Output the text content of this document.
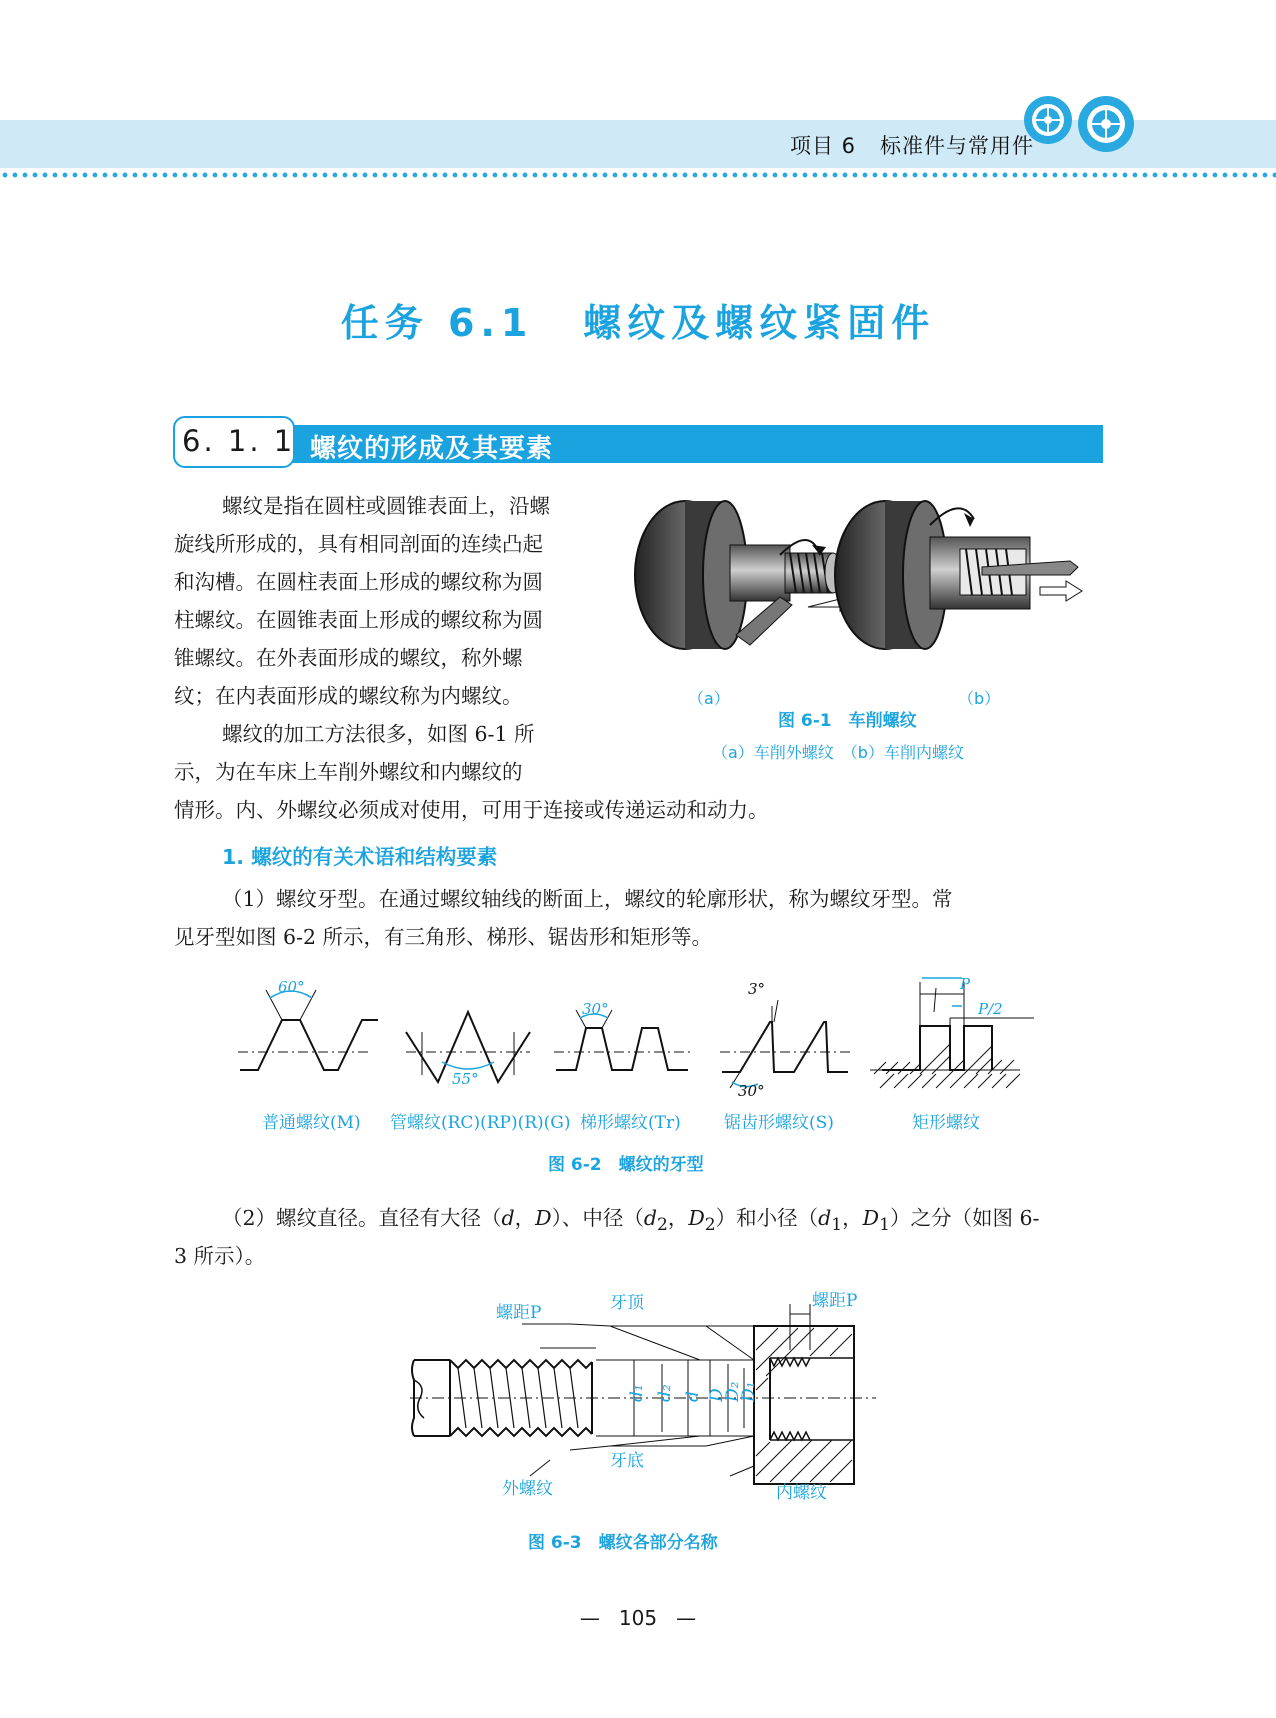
项目 6 标准件与常用件
任务 6.1 螺纹及螺纹紧固件
6. 1. 1 螺纹的形成及其要素
螺纹是指在圆柱或圆锥表面上，沿螺
旋线所形成的，具有相同剖面的连续凸起
和沟槽。在圆柱表面上形成的螺纹称为圆
柱螺纹。在圆锥表面上形成的螺纹称为圆
锥螺纹。在外表面形成的螺纹，称外螺
纹；在内表面形成的螺纹称为内螺纹。
螺纹的加工方法很多，如图 6-1 所
示，为在车床上车削外螺纹和内螺纹的
情形。内、外螺纹必须成对使用，可用于连接或传递运动和动力。
（a）	（b）
图 6-1　车削螺纹
（a）车削外螺纹　（b）车削内螺纹
1. 螺纹的有关术语和结构要素
（1）螺纹牙型。在通过螺纹轴线的断面上，螺纹的轮廓形状，称为螺纹牙型。常
见牙型如图 6-2 所示，有三角形、梯形、锯齿形和矩形等。
60°
55°
30°
3°
30°
P
P/2
普通螺纹(M) 管螺纹(RC)(RP)(R)(G) 梯形螺纹(Tr)	锯齿形螺纹(S)	矩形螺纹
图 6-2　螺纹的牙型
（2）螺纹直径。直径有大径（d，D）、中径（$d_2$，$D_2$）和小径（$d_1$，$D_1$）之分（如图 6-
3 所示）。
螺距P	牙顶	螺距P
牙底
外螺纹	内螺纹
d₁ d₂ d D
D₂
D₁
图 6-3　螺纹各部分名称
—   105   —
